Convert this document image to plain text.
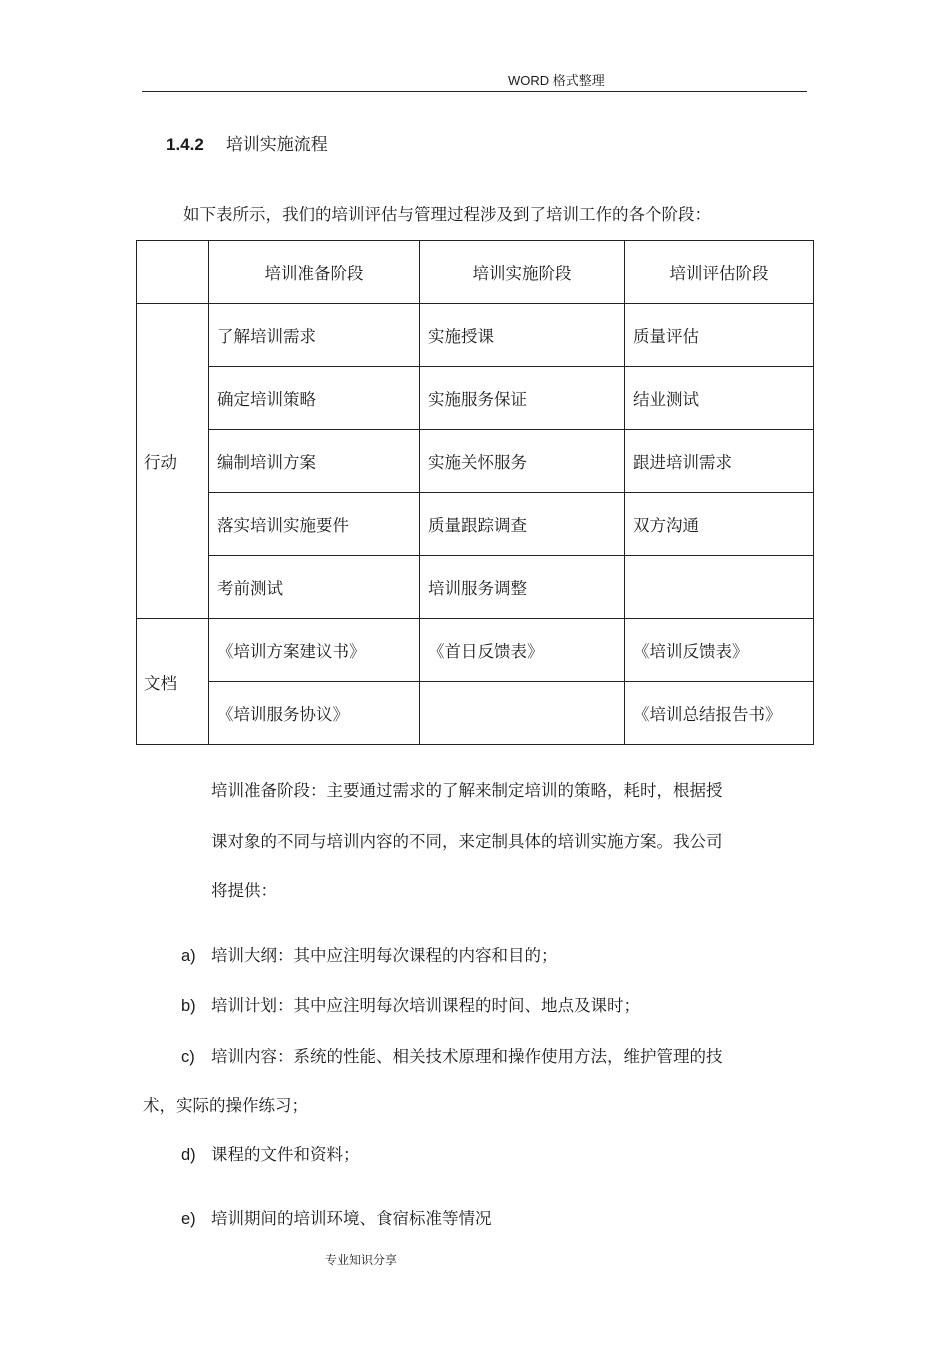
WORD 格式整理
1.4.2 培训实施流程
如下表所示，我们的培训评估与管理过程涉及到了培训工作的各个阶段：
	培训准备阶段	培训实施阶段	培训评估阶段
行动	了解培训需求	实施授课	质量评估
	确定培训策略	实施服务保证	结业测试
	编制培训方案	实施关怀服务	跟进培训需求
	落实培训实施要件	质量跟踪调查	双方沟通
	考前测试	培训服务调整	
文档	《培训方案建议书》	《首日反馈表》	《培训反馈表》
	《培训服务协议》		《培训总结报告书》
培训准备阶段：主要通过需求的了解来制定培训的策略，耗时，根据授
课对象的不同与培训内容的不同，来定制具体的培训实施方案。我公司
将提供：
a) 培训大纲：其中应注明每次课程的内容和目的；
b) 培训计划：其中应注明每次培训课程的时间、地点及课时；
c) 培训内容：系统的性能、相关技术原理和操作使用方法，维护管理的技
术，实际的操作练习；
d) 课程的文件和资料；
e) 培训期间的培训环境、食宿标准等情况
专业知识分享
